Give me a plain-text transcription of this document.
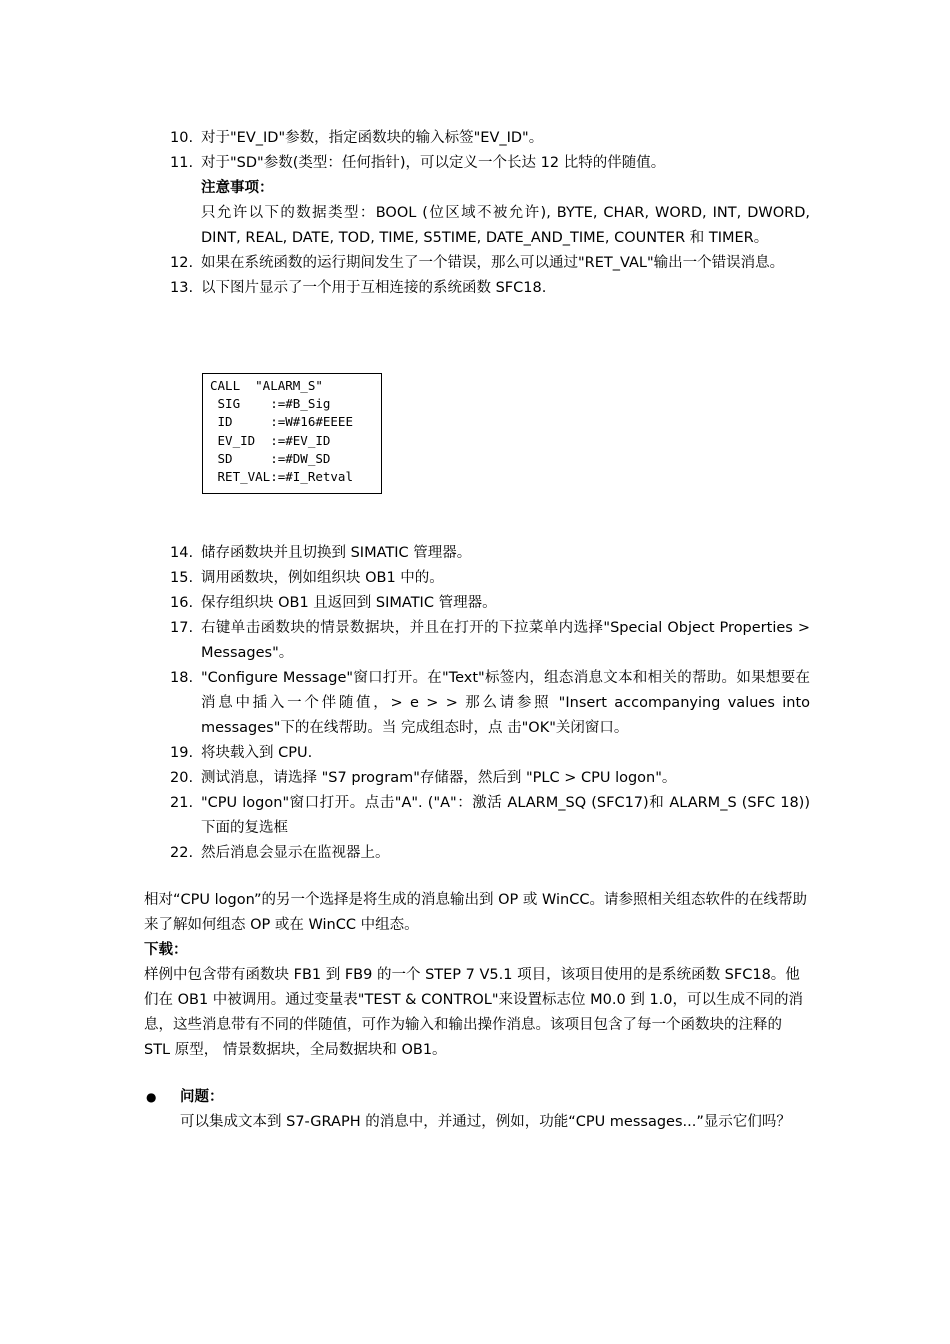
10. 对于"EV_ID"参数，指定函数块的输入标签"EV_ID"。
11. 对于"SD"参数(类型：任何指针)，可以定义一个长达 12 比特的伴随值。
注意事项：
只允许以下的数据类型：BOOL (位区域不被允许), BYTE, CHAR, WORD, INT, DWORD, DINT, REAL, DATE, TOD, TIME, S5TIME, DATE_AND_TIME, COUNTER 和 TIMER。
12. 如果在系统函数的运行期间发生了一个错误，那么可以通过"RET_VAL"输出一个错误消息。
13. 以下图片显示了一个用于互相连接的系统函数 SFC18.
CALL  "ALARM_S"
SIG    :=#B_Sig
ID     :=W#16#EEEE
EV_ID  :=#EV_ID
SD     :=#DW_SD
RET_VAL:=#I_Retval
14. 储存函数块并且切换到 SIMATIC 管理器。
15. 调用函数块，例如组织块 OB1 中的。
16. 保存组织块 OB1 且返回到 SIMATIC 管理器。
17. 右键单击函数块的情景数据块，并且在打开的下拉菜单内选择"Special Object Properties > Messages"。
18. "Configure Message"窗口打开。在"Text"标签内，组态消息文本和相关的帮助。如果想要在消息中插入一个伴随值，> e > > 那么请参照 "Insert accompanying values into messages"下的在线帮助。当 完成组态时，点 击"OK"关闭窗口。
19. 将块载入到 CPU.
20. 测试消息，请选择 "S7 program"存储器，然后到 "PLC > CPU logon"。
21. "CPU logon"窗口打开。点击"A". ("A"：激活 ALARM_SQ (SFC17)和 ALARM_S (SFC 18))下面的复选框
22. 然后消息会显示在监视器上。
相对“CPU logon”的另一个选择是将生成的消息输出到 OP 或 WinCC。请参照相关组态软件的在线帮助来了解如何组态 OP 或在 WinCC 中组态。
下载：
样例中包含带有函数块 FB1 到 FB9 的一个 STEP 7 V5.1 项目，该项目使用的是系统函数 SFC18。他们在 OB1 中被调用。通过变量表"TEST & CONTROL"来设置标志位 M0.0 到 1.0，可以生成不同的消息，这些消息带有不同的伴随值，可作为输入和输出操作消息。该项目包含了每一个函数块的注释的 STL 原型， 情景数据块，全局数据块和 OB1。
●	问题：
可以集成文本到 S7-GRAPH 的消息中，并通过，例如，功能“CPU messages...”显示它们吗？
